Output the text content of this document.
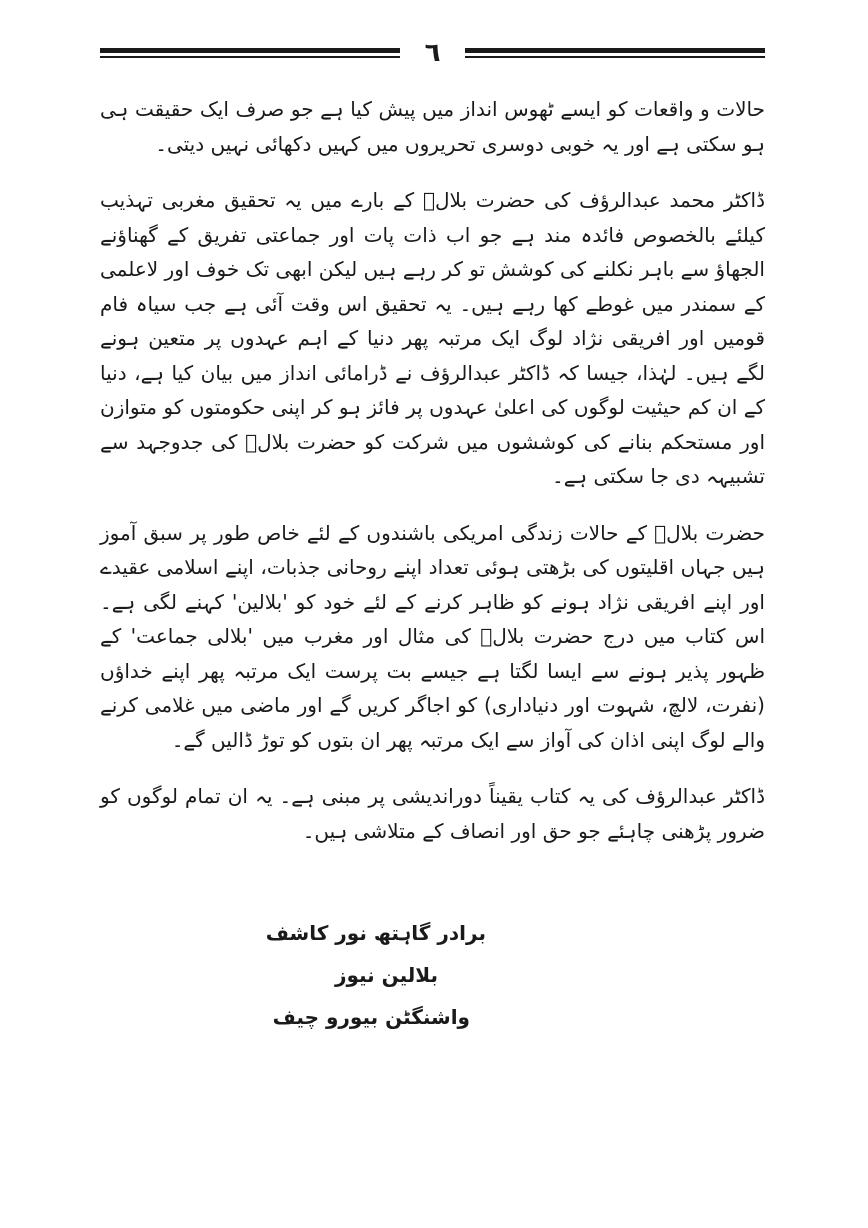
٦

حالات و واقعات کو ایسے ٹھوس انداز میں پیش کیا ہے جو صرف ایک حقیقت ہی ہو سکتی ہے اور یہ خوبی دوسری تحریروں میں کہیں دکھائی نہیں دیتی۔

ڈاکٹر محمد عبدالرؤف کی حضرت بلالؓ کے بارے میں یہ تحقیق مغربی تہذیب کیلئے بالخصوص فائدہ مند ہے جو اب ذات پات اور جماعتی تفریق کے گھناؤنے الجھاؤ سے باہر نکلنے کی کوشش تو کر رہے ہیں لیکن ابھی تک خوف اور لاعلمی کے سمندر میں غوطے کھا رہے ہیں۔ یہ تحقیق اس وقت آئی ہے جب سیاہ فام قومیں اور افریقی نژاد لوگ ایک مرتبہ پھر دنیا کے اہم عہدوں پر متعین ہونے لگے ہیں۔ لہٰذا، جیسا کہ ڈاکٹر عبدالرؤف نے ڈرامائی انداز میں بیان کیا ہے، دنیا کے ان کم حیثیت لوگوں کی اعلیٰ عہدوں پر فائز ہو کر اپنی حکومتوں کو متوازن اور مستحکم بنانے کی کوششوں میں شرکت کو حضرت بلالؓ کی جدوجہد سے تشبیہہ دی جا سکتی ہے۔

حضرت بلالؓ کے حالات زندگی امریکی باشندوں کے لئے خاص طور پر سبق آموز ہیں جہاں اقلیتوں کی بڑھتی ہوئی تعداد اپنے روحانی جذبات، اپنے اسلامی عقیدے اور اپنے افریقی نژاد ہونے کو ظاہر کرنے کے لئے خود کو 'بلالین' کہنے لگی ہے۔ اس کتاب میں درج حضرت بلالؓ کی مثال اور مغرب میں 'بلالی جماعت' کے ظہور پذیر ہونے سے ایسا لگتا ہے جیسے بت پرست ایک مرتبہ پھر اپنے خداؤں (نفرت، لالچ، شہوت اور دنیاداری) کو اجاگر کریں گے اور ماضی میں غلامی کرنے والے لوگ اپنی اذان کی آواز سے ایک مرتبہ پھر ان بتوں کو توڑ ڈالیں گے۔

ڈاکٹر عبدالرؤف کی یہ کتاب یقیناً دوراندیشی پر مبنی ہے۔ یہ ان تمام لوگوں کو ضرور پڑھنی چاہئے جو حق اور انصاف کے متلاشی ہیں۔

برادر گاہتھ نور کاشف
بلالین نیوز
واشنگٹن بیورو چیف
